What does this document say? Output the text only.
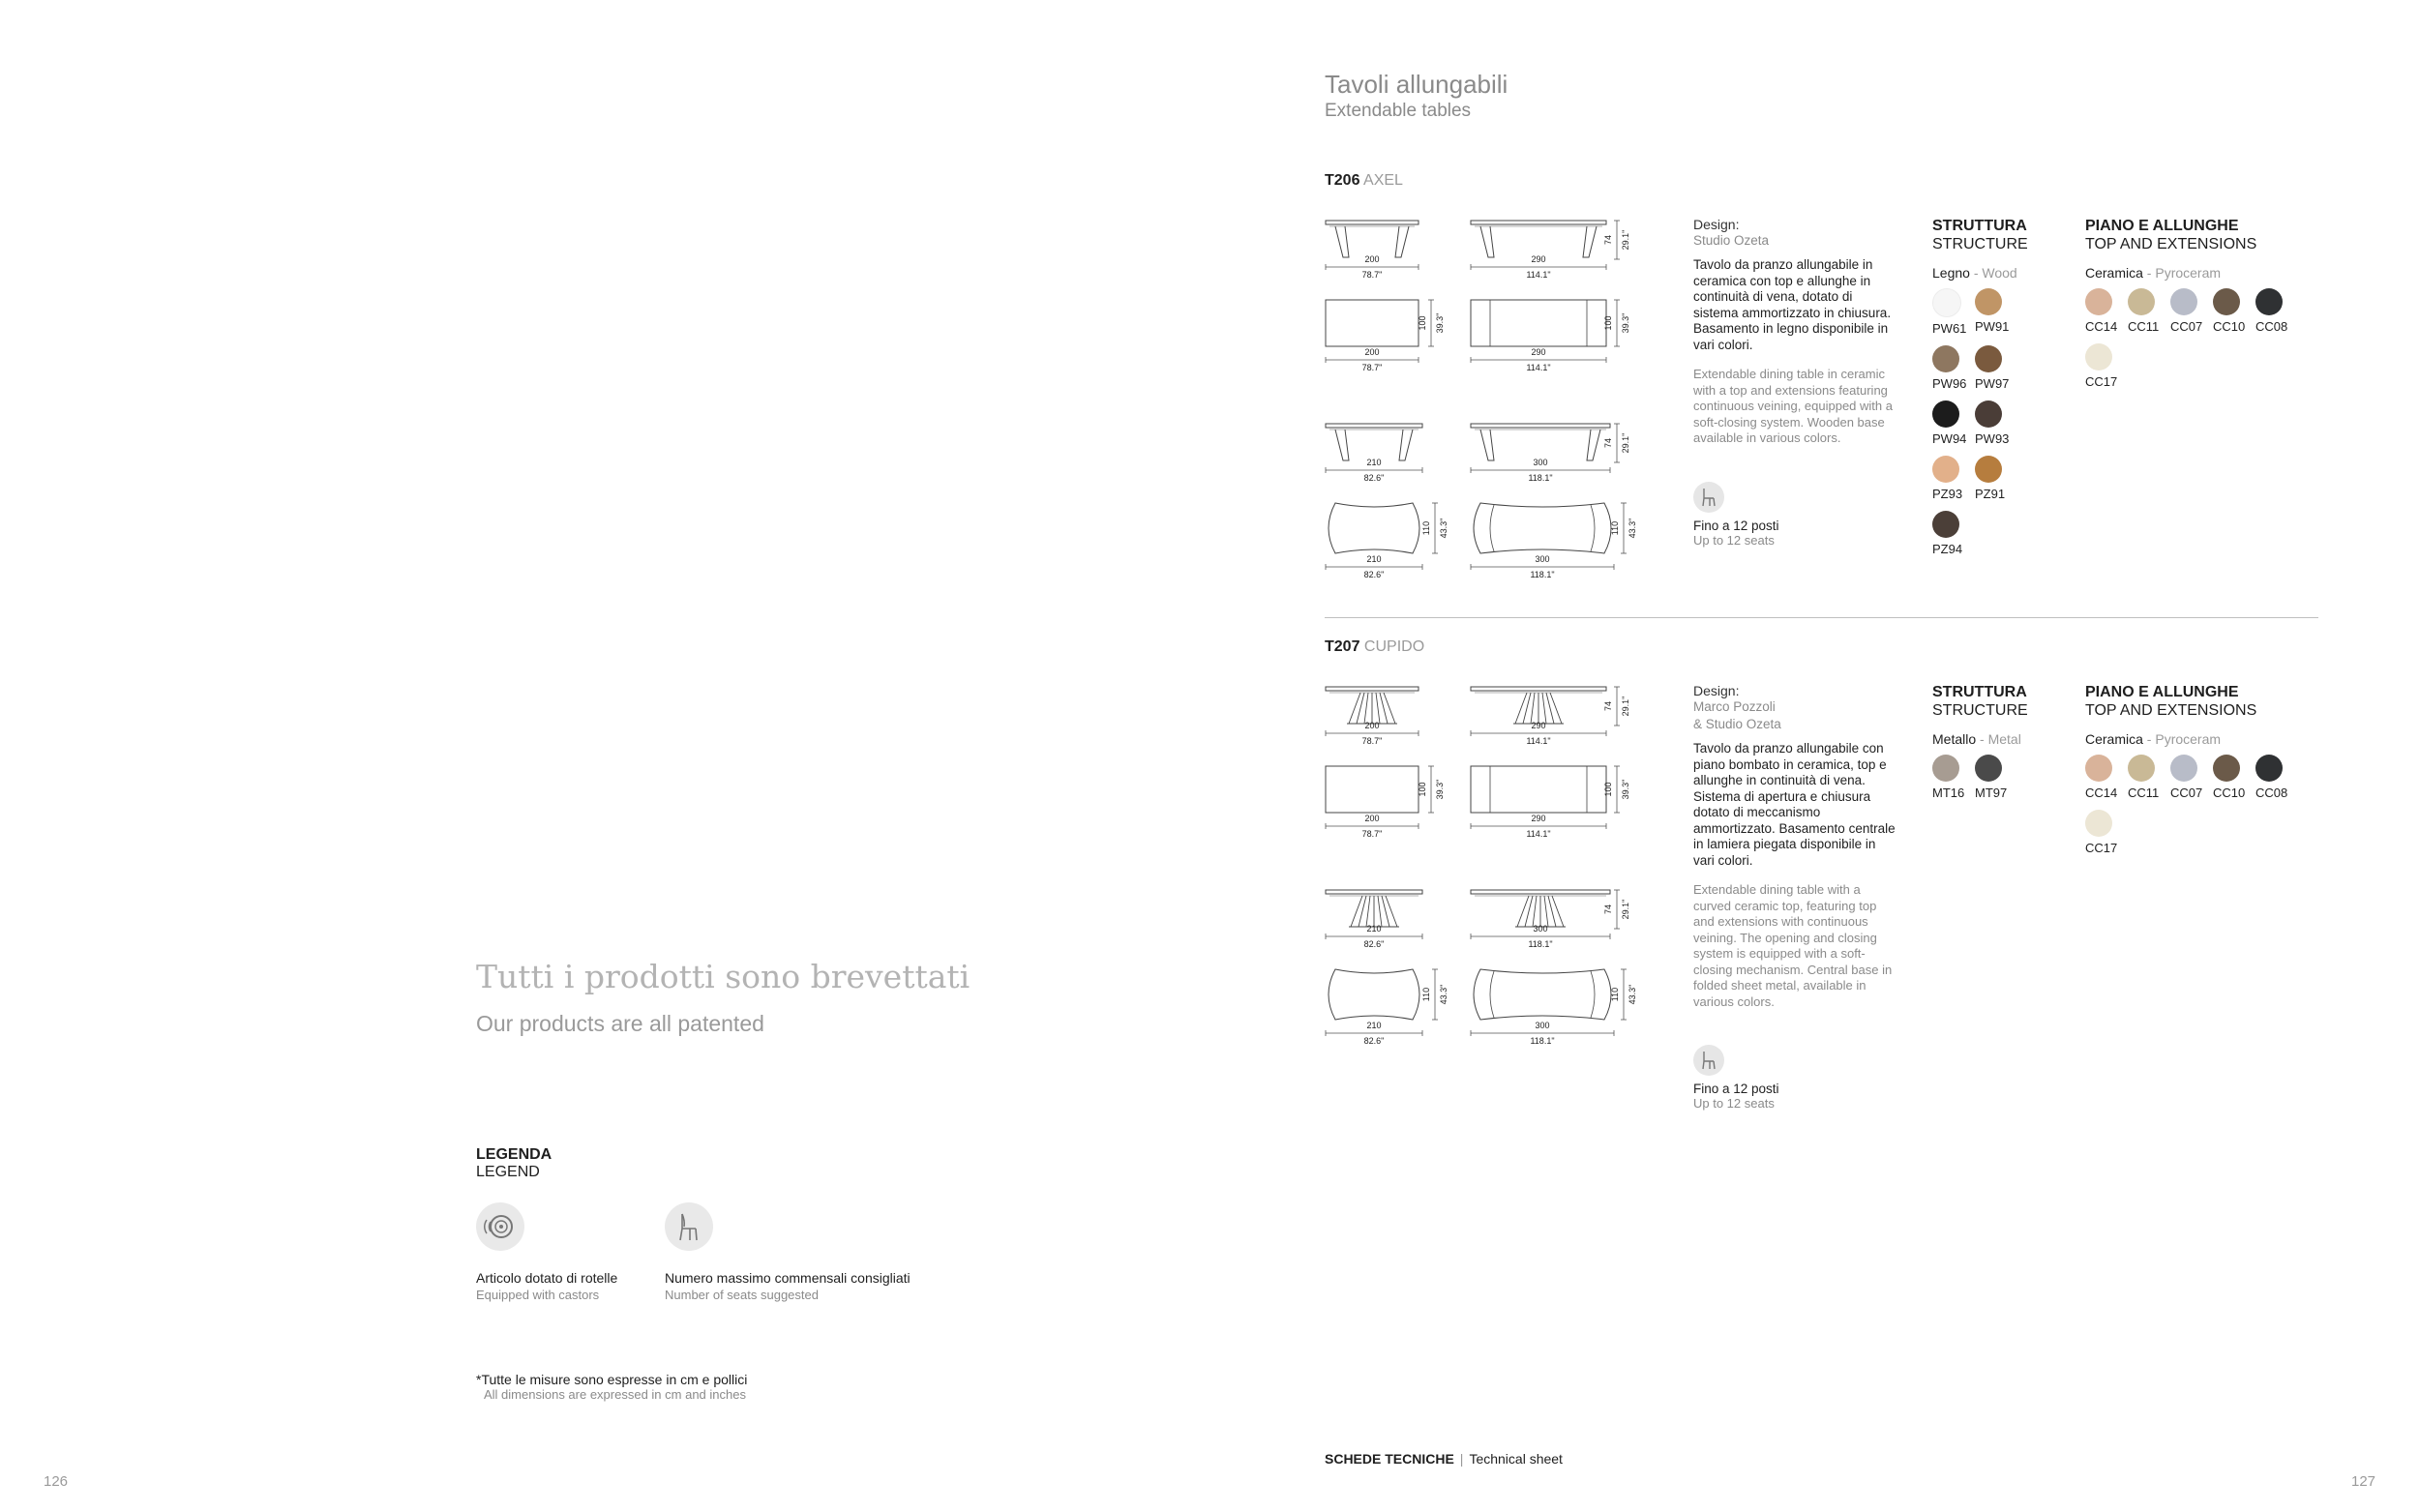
Tutti i prodotti sono brevettati
Our products are all patented
LEGENDA
LEGEND
Articolo dotato di rotelle
Equipped with castors
Numero massimo commensali consigliati
Number of seats suggested
*Tutte le misure sono espresse in cm e pollici
All dimensions are expressed in cm and inches
126
Tavoli allungabili
Extendable tables
T206 AXEL
200
78.7"
290
114.1"
74 29.1"
200
78.7"
100 39.3"
290
114.1"
100 39.3"
210
82.6"
300
118.1"
74 29.1"
210
82.6"
110 43.3"
300
118.1"
110 43.3"
Design:
Studio Ozeta
Tavolo da pranzo allungabile in ceramica con top e allunghe in continuità di vena, dotato di sistema ammortizzato in chiusura. Basamento in legno disponibile in vari colori.
Extendable dining table in ceramic with a top and extensions featuring continuous veining, equipped with a soft-closing system. Wooden base available in various colors.
Fino a 12 posti
Up to 12 seats
STRUTTURA
STRUCTURE
Legno - Wood
PW61 PW91
PW96 PW97
PW94 PW93
PZ93 PZ91
PZ94
PIANO E ALLUNGHE
TOP AND EXTENSIONS
Ceramica - Pyroceram
CC14 CC11 CC07 CC10 CC08
CC17
T207 CUPIDO
200
78.7"
290
114.1"
74 29.1"
200
78.7"
100 39.3"
290
114.1"
100 39.3"
210
82.6"
300
118.1"
74 29.1"
210
82.6"
110 43.3"
300
118.1"
110 43.3"
Design:
Marco Pozzoli
& Studio Ozeta
Tavolo da pranzo allungabile con piano bombato in ceramica, top e allunghe in continuità di vena. Sistema di apertura e chiusura dotato di meccanismo ammortizzato. Basamento centrale in lamiera piegata disponibile in vari colori.
Extendable dining table with a curved ceramic top, featuring top and extensions with continuous veining. The opening and closing system is equipped with a soft-closing mechanism. Central base in folded sheet metal, available in various colors.
Fino a 12 posti
Up to 12 seats
STRUTTURA
STRUCTURE
Metallo - Metal
MT16 MT97
PIANO E ALLUNGHE
TOP AND EXTENSIONS
Ceramica - Pyroceram
CC14 CC11 CC07 CC10 CC08
CC17
SCHEDE TECNICHE | Technical sheet
127
